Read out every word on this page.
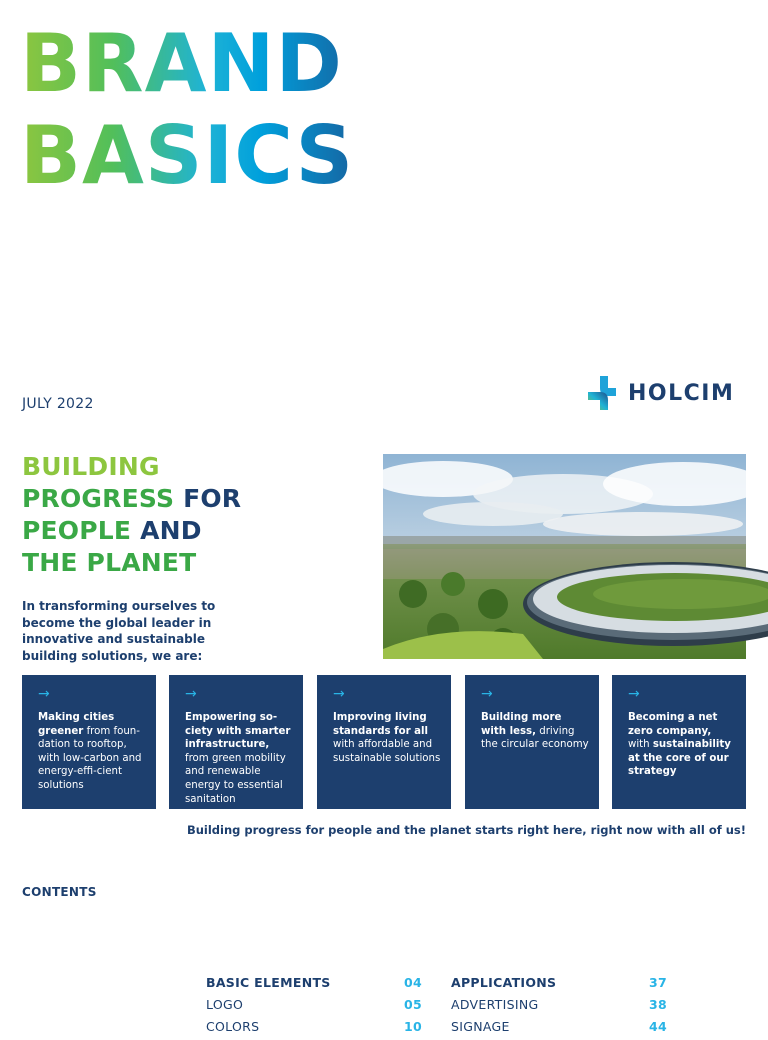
BRAND
BASICS
JULY 2022	HOLCIM
BUILDING
PROGRESS FOR
PEOPLE AND
THE PLANET
In transforming ourselves to become the global leader in innovative and sustainable building solutions, we are:
→
Making cities greener from foun-dation to rooftop, with low-carbon and energy-effi-cient solutions
→
Empowering so-ciety with smarter infrastructure, from green mobility and renewable energy to essential sanitation
→
Improving living standards for all with affordable and sustainable solutions
→
Building more with less, driving the circular economy
→
Becoming a net zero company, with sustainability at the core of our strategy
Building progress for people and the planet starts right here, right now with all of us!
CONTENTS
BASIC ELEMENTS	04
LOGO	05
COLORS	10
APPLICATIONS	37
ADVERTISING	38
SIGNAGE	44
